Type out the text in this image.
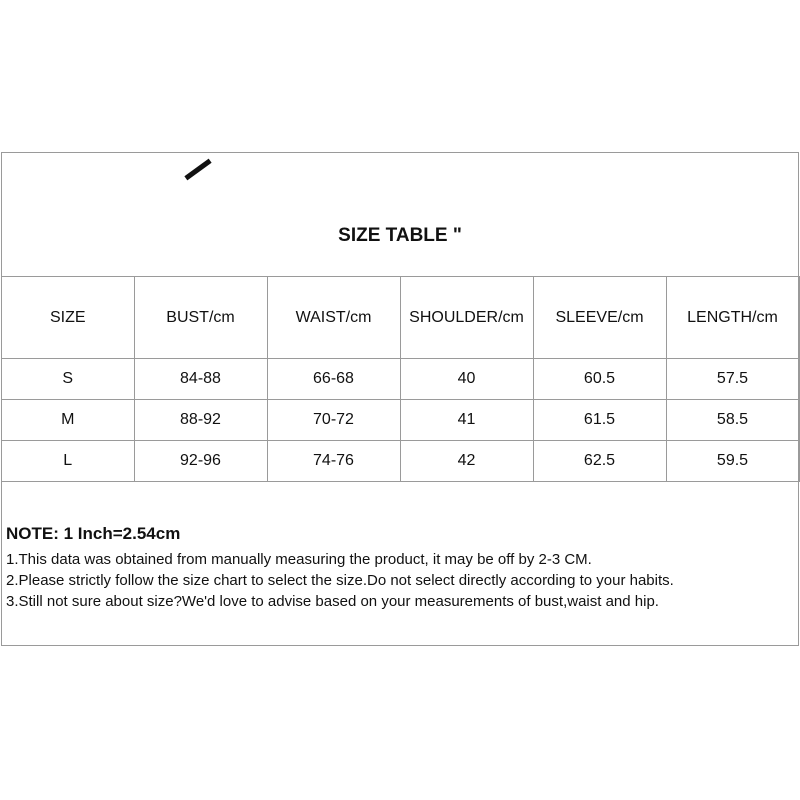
SIZE TABLE "
SIZE	BUST/cm	WAIST/cm	SHOULDER/cm	SLEEVE/cm	LENGTH/cm
S	84-88	66-68	40	60.5	57.5
M	88-92	70-72	41	61.5	58.5
L	92-96	74-76	42	62.5	59.5

NOTE: 1 Inch=2.54cm

1.This data was obtained from manually measuring the product, it may be off by 2-3 CM.

2.Please strictly follow the size chart to select the size.Do not select directly according to your habits.

3.Still not sure about size?We'd love to advise based on your measurements of bust,waist and hip.
